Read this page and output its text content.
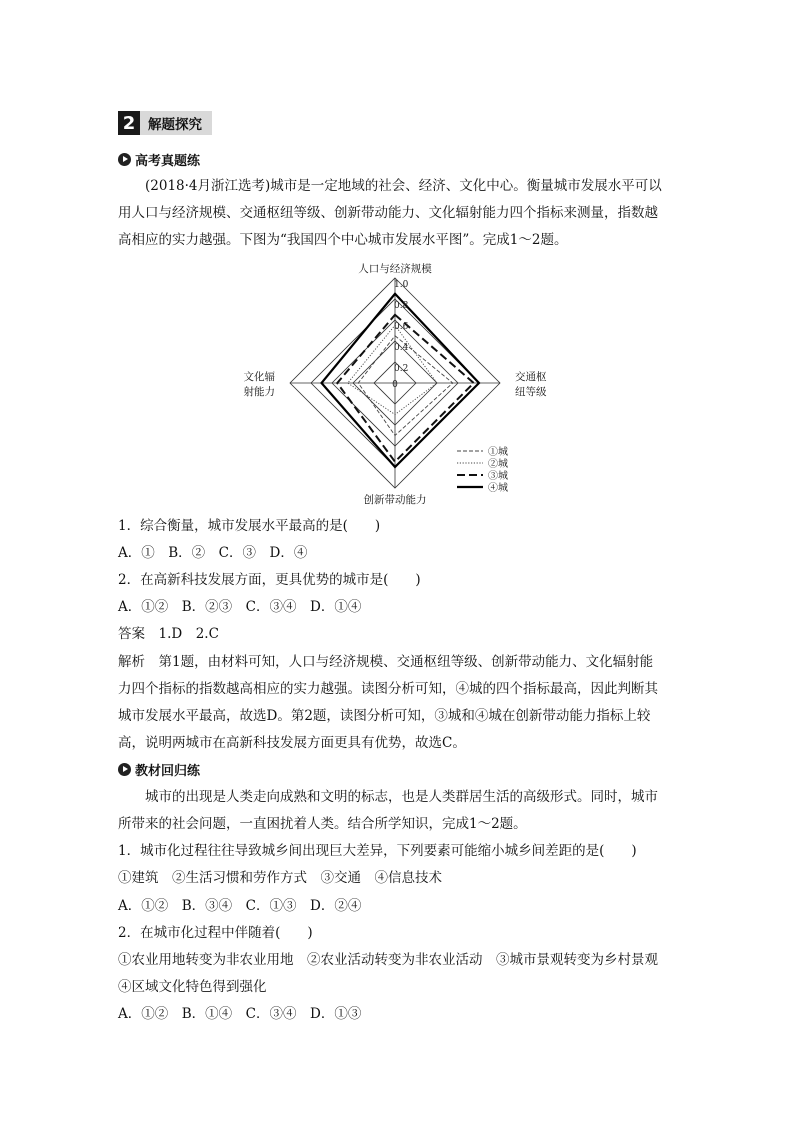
2 解题探究
高考真题练
(2018·4月浙江选考)城市是一定地域的社会、经济、文化中心。衡量城市发展水平可以
用人口与经济规模、交通枢纽等级、创新带动能力、文化辐射能力四个指标来测量，指数越
高相应的实力越强。下图为“我国四个中心城市发展水平图”。完成1～2题。
0
0.2
0.4
0.6
0.8
1.0
人口与经济规模
交通枢
纽等级
创新带动能力
文化辐
射能力
①城
②城
③城
④城
1．综合衡量，城市发展水平最高的是(　　)
A．①　B．②　C．③　D．④
2．在高新科技发展方面，更具优势的城市是(　　)
A．①②　B．②③　C．③④　D．①④
答案　1.D　2.C
解析　第1题，由材料可知，人口与经济规模、交通枢纽等级、创新带动能力、文化辐射能
力四个指标的指数越高相应的实力越强。读图分析可知，④城的四个指标最高，因此判断其
城市发展水平最高，故选D。第2题，读图分析可知，③城和④城在创新带动能力指标上较
高，说明两城市在高新科技发展方面更具有优势，故选C。
教材回归练
城市的出现是人类走向成熟和文明的标志，也是人类群居生活的高级形式。同时，城市
所带来的社会问题，一直困扰着人类。结合所学知识，完成1～2题。
1．城市化过程往往导致城乡间出现巨大差异，下列要素可能缩小城乡间差距的是(　　)
①建筑　②生活习惯和劳作方式　③交通　④信息技术
A．①②　B．③④　C．①③　D．②④
2．在城市化过程中伴随着(　　)
①农业用地转变为非农业用地　②农业活动转变为非农业活动　③城市景观转变为乡村景观
④区域文化特色得到强化
A．①②　B．①④　C．③④　D．①③
